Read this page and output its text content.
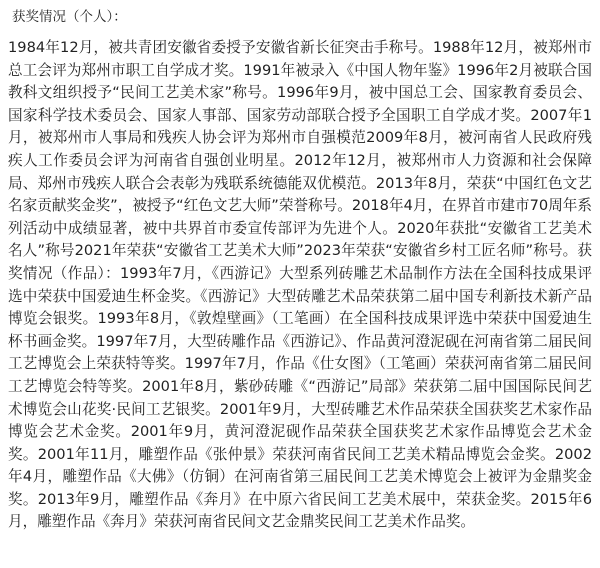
获奖情况（个人）：

1984年12月，被共青团安徽省委授予安徽省新长征突击手称号。1988年12月，被郑州市总工会评为郑州市职工自学成才奖。1991年被录入《中国人物年鉴》1996年2月被联合国教科文组织授予“民间工艺美术家”称号。1996年9月，被中国总工会、国家教育委员会、国家科学技术委员会、国家人事部、国家劳动部联合授予全国职工自学成才奖。2007年1月，被郑州市人事局和残疾人协会评为郑州市自强模范2009年8月，被河南省人民政府残疾人工作委员会评为河南省自强创业明星。2012年12月，被郑州市人力资源和社会保障局、郑州市残疾人联合会表彰为残联系统德能双优模范。2013年8月，荣获“中国红色文艺名家贡献奖金奖”，被授予“红色文艺大师”荣誉称号。2018年4月，在界首市建市70周年系列活动中成绩显著，被中共界首市委宣传部评为先进个人。2020年获批“安徽省工艺美术名人”称号2021年荣获“安徽省工艺美术大师”2023年荣获“安徽省乡村工匠名师”称号。获奖情况（作品）：1993年7月，《西游记》大型系列砖雕艺术品制作方法在全国科技成果评选中荣获中国爱迪生杯金奖。《西游记》大型砖雕艺术品荣获第二届中国专利新技术新产品博览会银奖。1993年8月，《敦煌壁画》（工笔画）在全国科技成果评选中荣获中国爱迪生杯书画金奖。1997年7月，大型砖雕作品《西游记》、作品黄河澄泥砚在河南省第二届民间工艺博览会上荣获特等奖。1997年7月，作品《仕女图》（工笔画）荣获河南省第二届民间工艺博览会特等奖。2001年8月，紫砂砖雕《“西游记”局部》荣获第二届中国国际民间艺术博览会山花奖·民间工艺银奖。2001年9月，大型砖雕艺术作品荣获全国获奖艺术家作品博览会艺术金奖。2001年9月，黄河澄泥砚作品荣获全国获奖艺术家作品博览会艺术金奖。2001年11月，雕塑作品《张仲景》荣获河南省民间工艺美术精品博览会金奖。2002年4月，雕塑作品《大佛》（仿铜）在河南省第三届民间工艺美术博览会上被评为金鼎奖金奖。2013年9月，雕塑作品《奔月》在中原六省民间工艺美术展中，荣获金奖。2015年6月，雕塑作品《奔月》荣获河南省民间文艺金鼎奖民间工艺美术作品奖。
